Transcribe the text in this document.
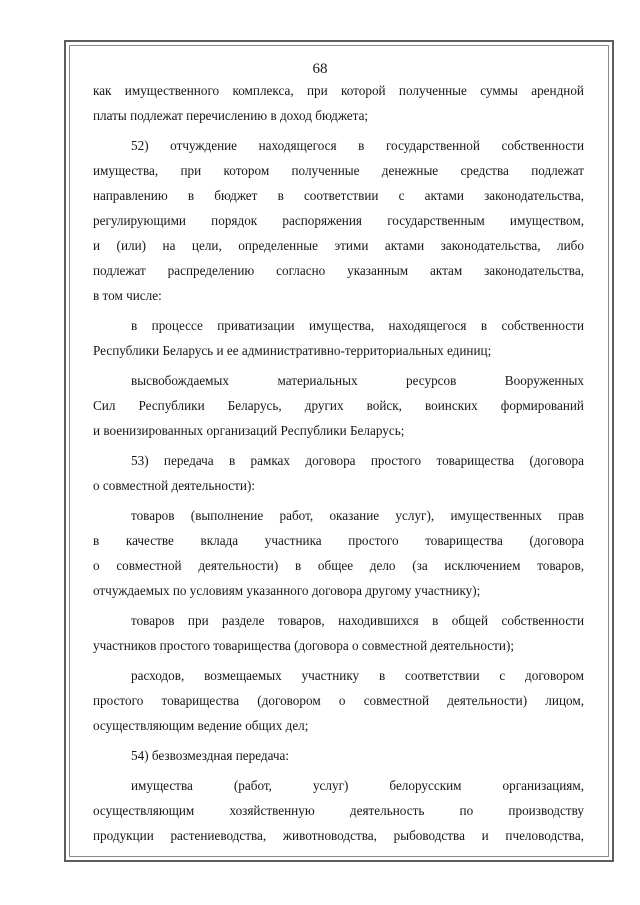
68
как имущественного комплекса, при которой полученные суммы арендной
платы подлежат перечислению в доход бюджета;
52) отчуждение находящегося в государственной собственности
имущества, при котором полученные денежные средства подлежат
направлению в бюджет в соответствии с актами законодательства,
регулирующими порядок распоряжения государственным имуществом,
и (или) на цели, определенные этими актами законодательства, либо
подлежат распределению согласно указанным актам законодательства,
в том числе:
в процессе приватизации имущества, находящегося в собственности
Республики Беларусь и ее административно-территориальных единиц;
высвобождаемых материальных ресурсов Вооруженных
Сил Республики Беларусь, других войск, воинских формирований
и военизированных организаций Республики Беларусь;
53) передача в рамках договора простого товарищества (договора
о совместной деятельности):
товаров (выполнение работ, оказание услуг), имущественных прав
в качестве вклада участника простого товарищества (договора
о совместной деятельности) в общее дело (за исключением товаров,
отчуждаемых по условиям указанного договора другому участнику);
товаров при разделе товаров, находившихся в общей собственности
участников простого товарищества (договора о совместной деятельности);
расходов, возмещаемых участнику в соответствии с договором
простого товарищества (договором о совместной деятельности) лицом,
осуществляющим ведение общих дел;
54) безвозмездная передача:
имущества (работ, услуг) белорусским организациям,
осуществляющим хозяйственную деятельность по производству
продукции растениеводства, животноводства, рыбоводства и пчеловодства,
